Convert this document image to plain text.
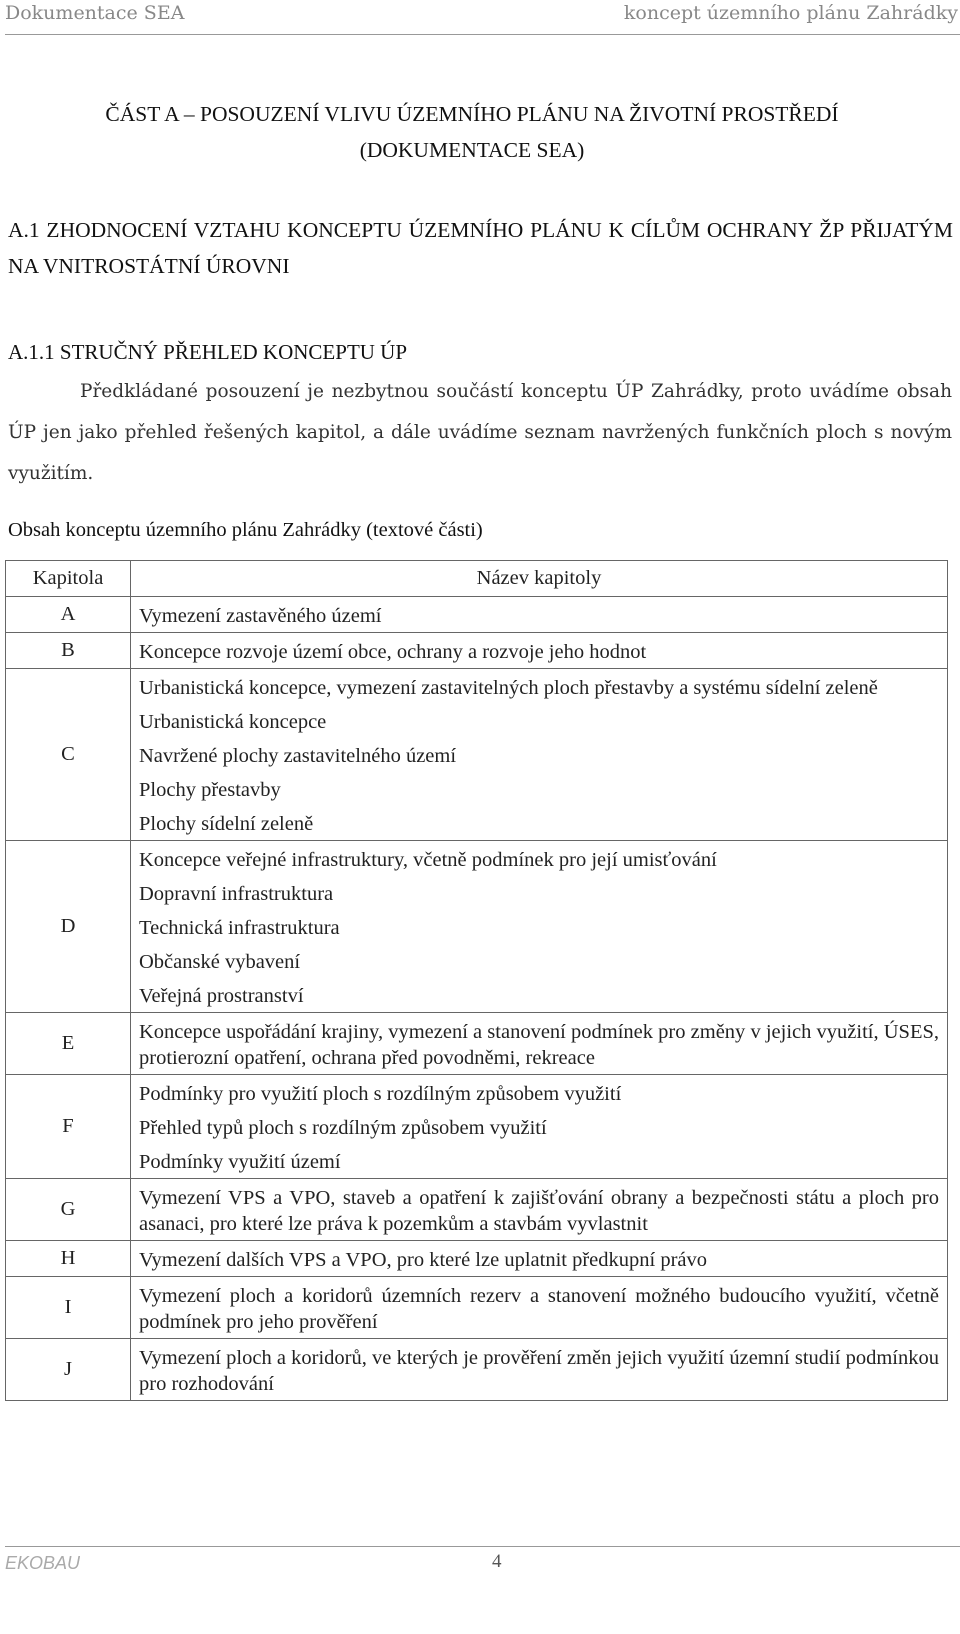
Dokumentace SEA	koncept územního plánu Zahrádky
ČÁST A – POSOUZENÍ VLIVU ÚZEMNÍHO PLÁNU NA ŽIVOTNÍ PROSTŘEDÍ
(DOKUMENTACE SEA)
A.1 ZHODNOCENÍ VZTAHU KONCEPTU ÚZEMNÍHO PLÁNU K CÍLŮM OCHRANY ŽP PŘIJATÝM NA VNITROSTÁTNÍ ÚROVNI
A.1.1 STRUČNÝ PŘEHLED KONCEPTU ÚP
Předkládané posouzení je nezbytnou součástí konceptu ÚP Zahrádky, proto uvádíme obsah ÚP jen jako přehled řešených kapitol, a dále uvádíme seznam navržených funkčních ploch s novým využitím.
Obsah konceptu územního plánu Zahrádky (textové části)
Kapitola	Název kapitoly
A	Vymezení zastavěného území

B	Koncepce rozvoje území obce, ochrany a rozvoje jeho hodnot

C	Urbanistická koncepce, vymezení zastavitelných ploch přestavby a systému sídelní zeleně
Urbanistická koncepce
Navržené plochy zastavitelného území
Plochy přestavby
Plochy sídelní zeleně

D	Koncepce veřejné infrastruktury, včetně podmínek pro její umisťování
Dopravní infrastruktura
Technická infrastruktura
Občanské vybavení
Veřejná prostranství

E	Koncepce uspořádání krajiny, vymezení a stanovení podmínek pro změny v jejich využití, ÚSES, protierozní opatření, ochrana před povodněmi, rekreace

F	Podmínky pro využití ploch s rozdílným způsobem využití
Přehled typů ploch s rozdílným způsobem využití
Podmínky využití území

G	Vymezení VPS a VPO, staveb a opatření k zajišťování obrany a bezpečnosti státu a ploch pro asanaci, pro které lze práva k pozemkům a stavbám vyvlastnit

H	Vymezení dalších VPS a VPO, pro které lze uplatnit předkupní právo

I	Vymezení ploch a koridorů územních rezerv a stanovení možného budoucího využití, včetně podmínek pro jeho prověření

J	Vymezení ploch a koridorů, ve kterých je prověření změn jejich využití územní studií podmínkou pro rozhodování
EKOBAU	4
